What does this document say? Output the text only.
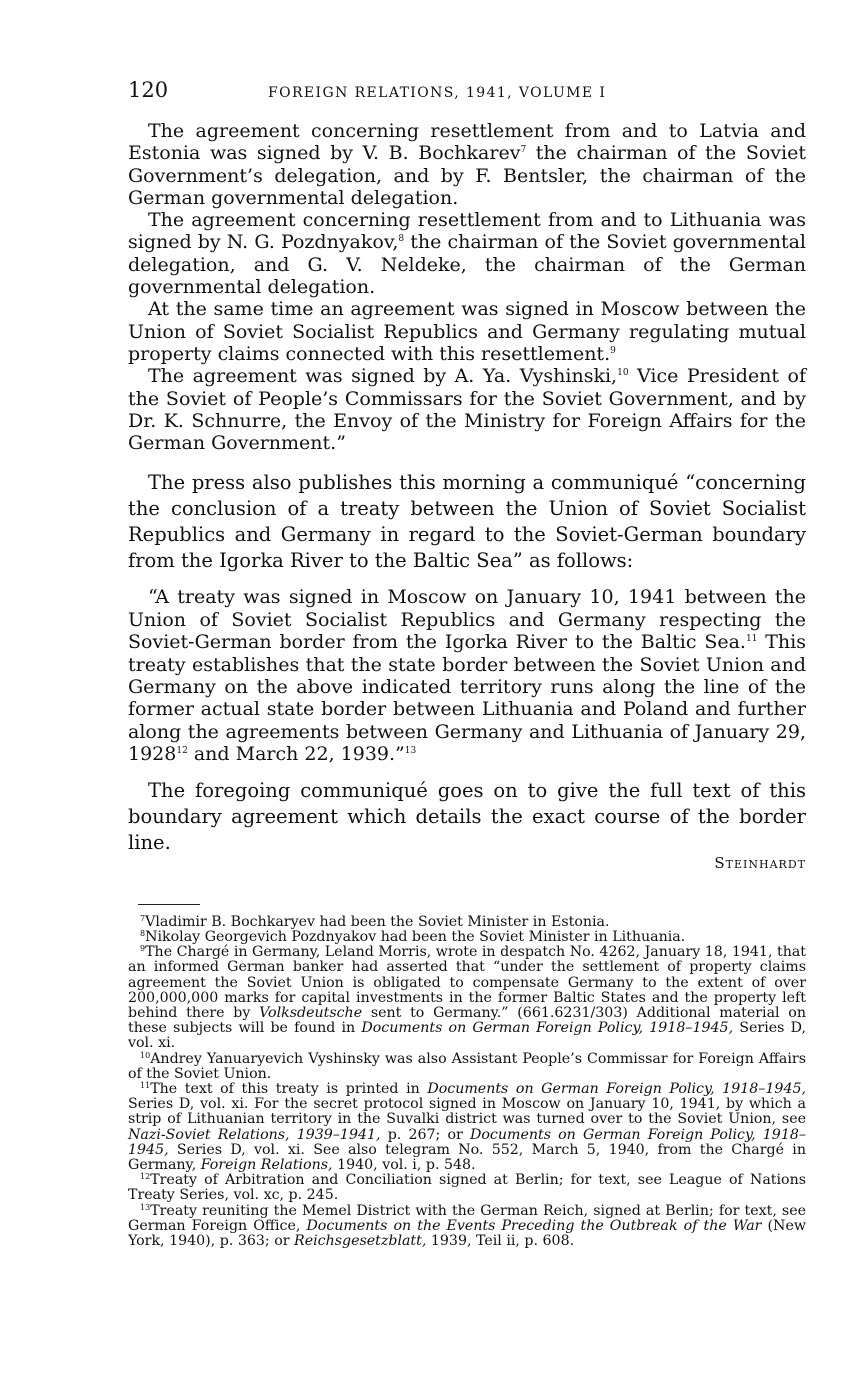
120	FOREIGN RELATIONS, 1941, VOLUME I

The agreement concerning resettlement from and to Latvia and Estonia was signed by V. B. Bochkarev$^7$ the chairman of the Soviet Government’s delegation, and by F. Bentsler, the chairman of the German governmental delegation.

The agreement concerning resettlement from and to Lithuania was signed by N. G. Pozdnyakov,$^8$ the chairman of the Soviet governmental delegation, and G. V. Neldeke, the chairman of the German governmental delegation.

At the same time an agreement was signed in Moscow between the Union of Soviet Socialist Republics and Germany regulating mutual property claims connected with this resettlement.$^9$

The agreement was signed by A. Ya. Vyshinski,$^{10}$ Vice President of the Soviet of People’s Commissars for the Soviet Government, and by Dr. K. Schnurre, the Envoy of the Ministry for Foreign Affairs for the German Government.”

The press also publishes this morning a communiqué “concerning the conclusion of a treaty between the Union of Soviet Socialist Republics and Germany in regard to the Soviet-German boundary from the Igorka River to the Baltic Sea” as follows:

“A treaty was signed in Moscow on January 10, 1941 between the Union of Soviet Socialist Republics and Germany respecting the Soviet-German border from the Igorka River to the Baltic Sea.$^{11}$ This treaty establishes that the state border between the Soviet Union and Germany on the above indicated territory runs along the line of the former actual state border between Lithuania and Poland and further along the agreements between Germany and Lithuania of January 29, 1928$^{12}$ and March 22, 1939.”$^{13}$

The foregoing communiqué goes on to give the full text of this boundary agreement which details the exact course of the border line.

Steinhardt

$^7$Vladimir B. Bochkaryev had been the Soviet Minister in Estonia.

$^8$Nikolay Georgevich Pozdnyakov had been the Soviet Minister in Lithuania.

$^9$The Chargé in Germany, Leland Morris, wrote in despatch No. 4262, January 18, 1941, that an informed German banker had asserted that “under the settlement of property claims agreement the Soviet Union is obligated to compensate Germany to the extent of over 200,000,000 marks for capital investments in the former Baltic States and the property left behind there by Volksdeutsche sent to Germany.” (661.6231/303) Additional material on these subjects will be found in Documents on German Foreign Policy, 1918–1945, Series D, vol. xi.

$^{10}$Andrey Yanuaryevich Vyshinsky was also Assistant People’s Commissar for Foreign Affairs of the Soviet Union.

$^{11}$The text of this treaty is printed in Documents on German Foreign Policy, 1918–1945, Series D, vol. xi. For the secret protocol signed in Moscow on January 10, 1941, by which a strip of Lithuanian territory in the Suvalki district was turned over to the Soviet Union, see Nazi-Soviet Relations, 1939–1941, p. 267; or Documents on German Foreign Policy, 1918–1945, Series D, vol. xi. See also telegram No. 552, March 5, 1940, from the Chargé in Germany, Foreign Relations, 1940, vol. i, p. 548.

$^{12}$Treaty of Arbitration and Conciliation signed at Berlin; for text, see League of Nations Treaty Series, vol. xc, p. 245.

$^{13}$Treaty reuniting the Memel District with the German Reich, signed at Berlin; for text, see German Foreign Office, Documents on the Events Preceding the Outbreak of the War (New York, 1940), p. 363; or Reichsgesetzblatt, 1939, Teil ii, p. 608.
